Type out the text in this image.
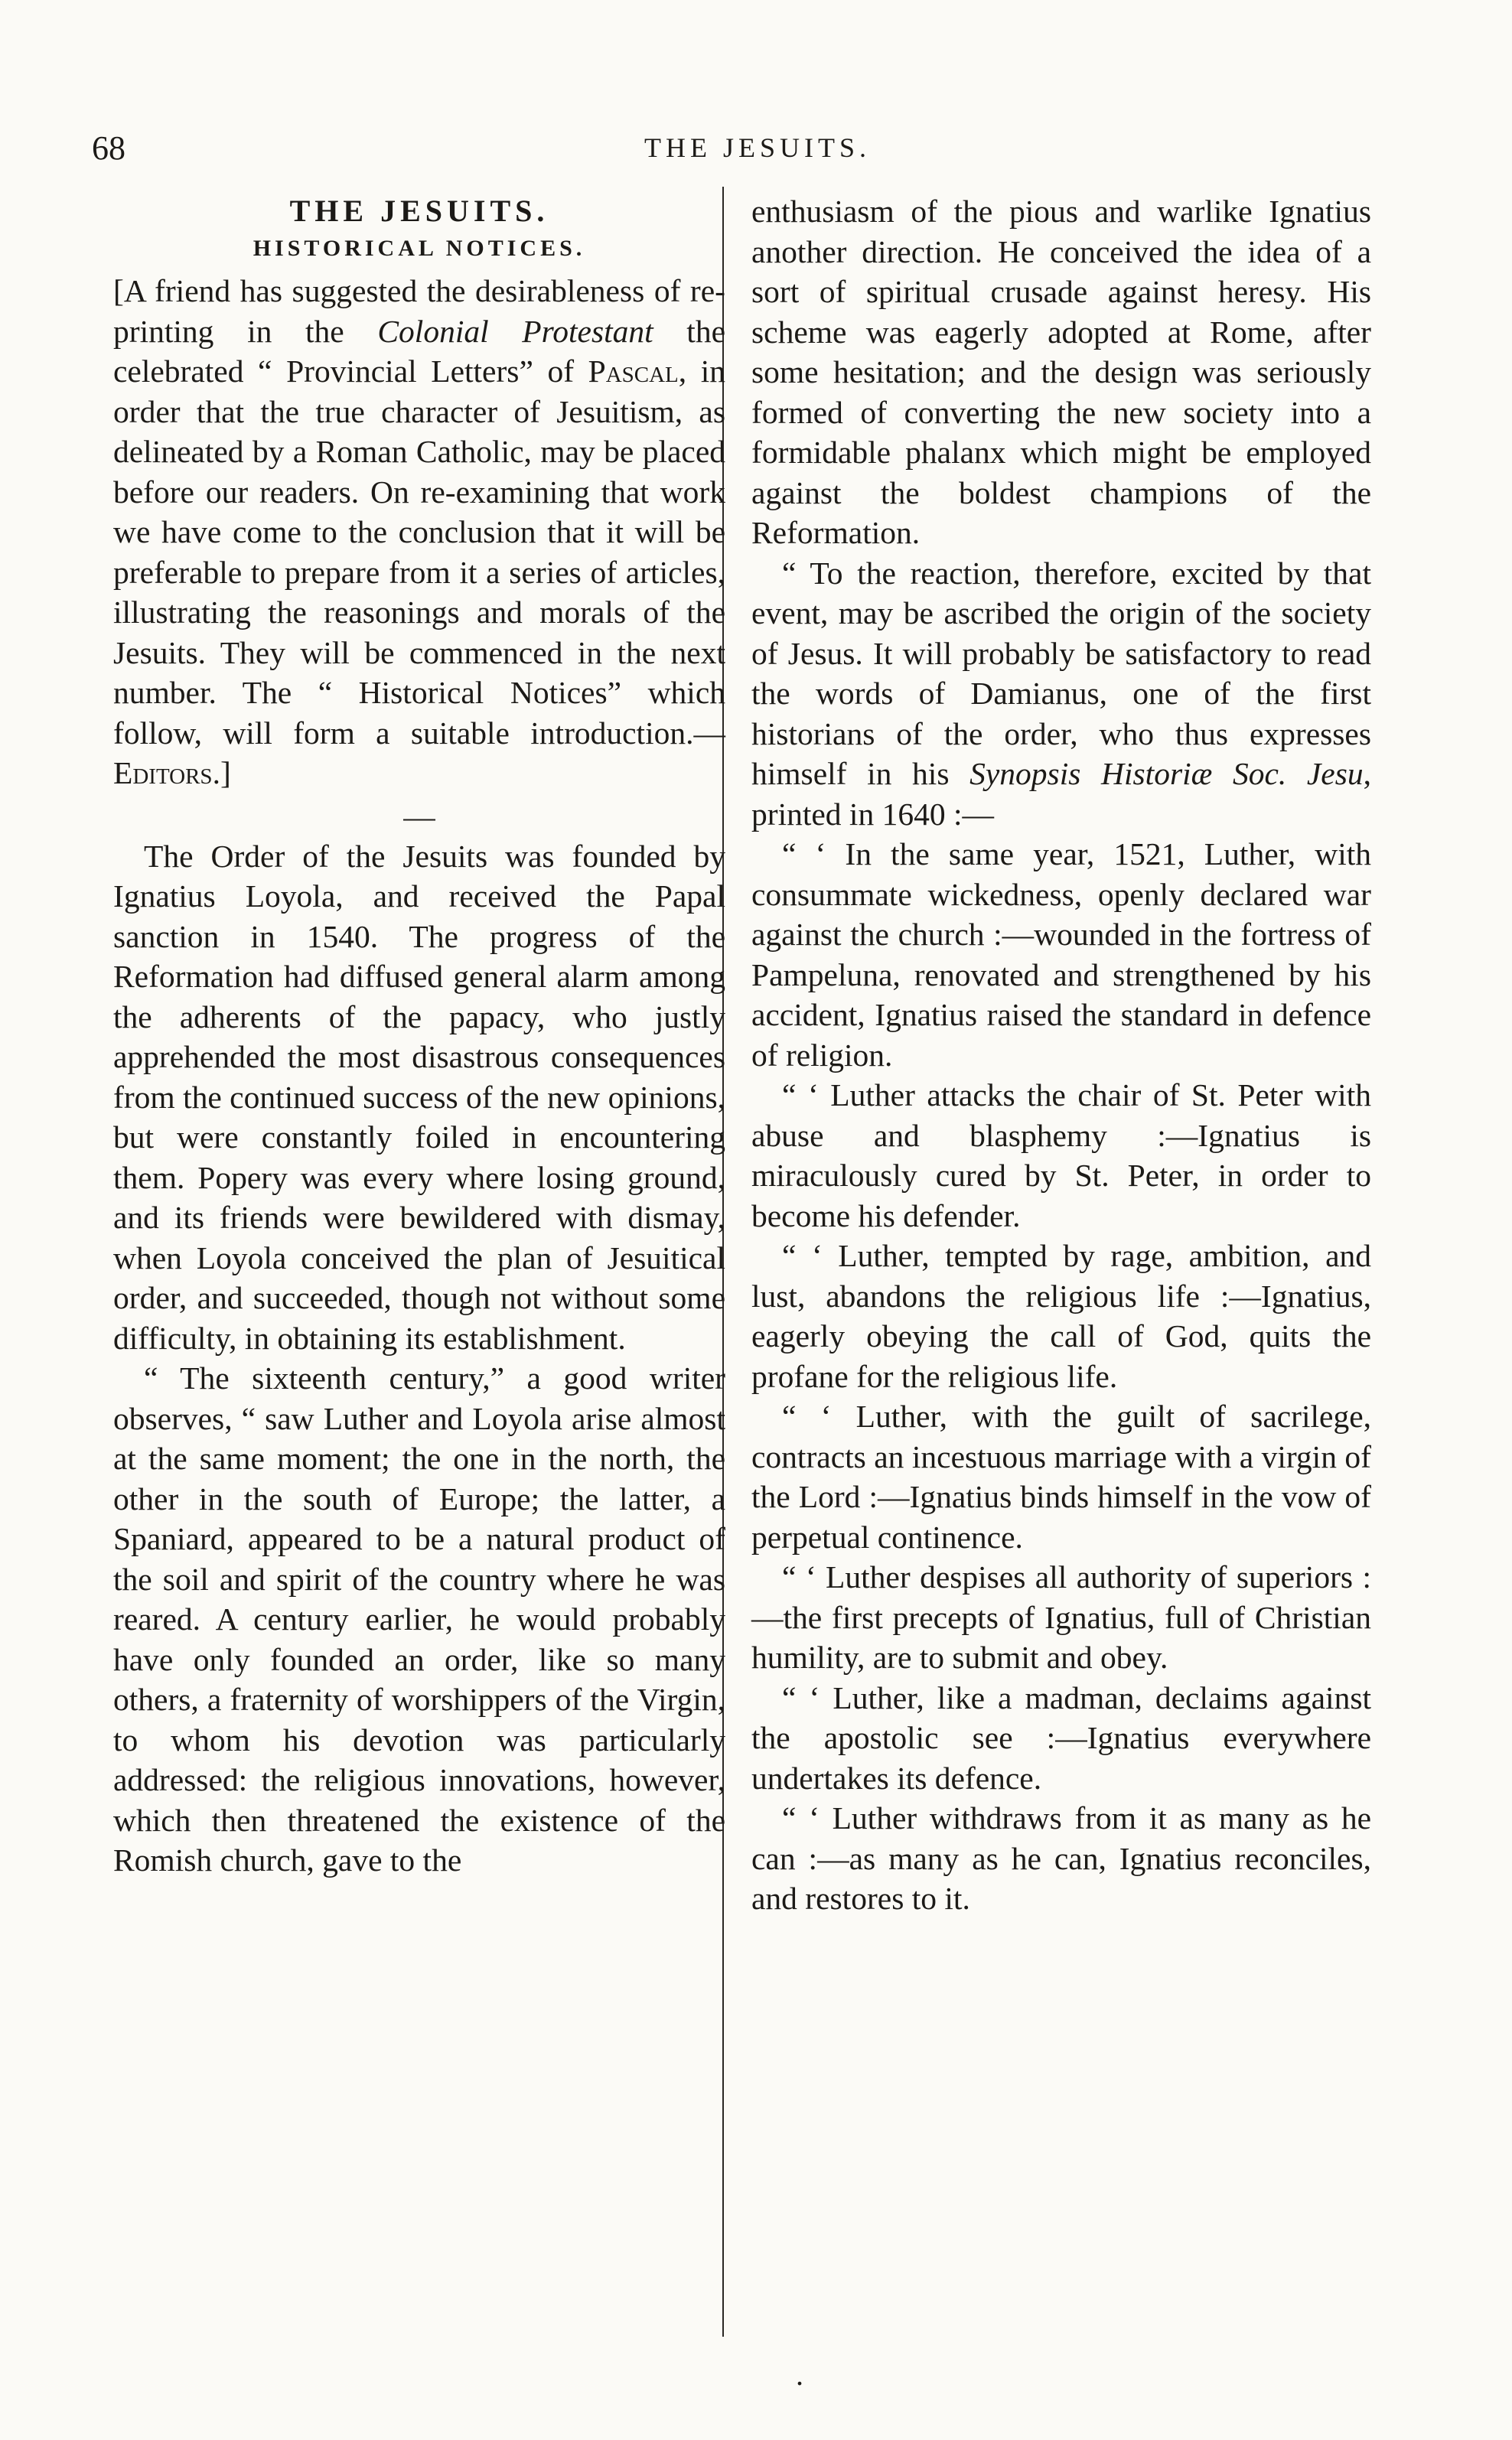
68	THE JESUITS.
THE JESUITS.
HISTORICAL NOTICES.

[A friend has suggested the desirableness of re-printing in the Colonial Protestant the celebrated “ Provincial Letters” of Pascal, in order that the true character of Jesuitism, as delineated by a Roman Catholic, may be placed before our readers. On re-examining that work we have come to the conclusion that it will be preferable to prepare from it a series of articles, illustrating the reasonings and morals of the Jesuits. They will be commenced in the next number. The “ Historical Notices” which follow, will form a suitable introduction.—Editors.]

—

The Order of the Jesuits was founded by Ignatius Loyola, and received the Papal sanction in 1540. The progress of the Reformation had diffused general alarm among the adherents of the papacy, who justly apprehended the most disastrous consequences from the continued success of the new opinions, but were constantly foiled in encountering them. Popery was every where losing ground, and its friends were bewildered with dismay, when Loyola conceived the plan of Jesuitical order, and succeeded, though not without some difficulty, in obtaining its establishment.

“ The sixteenth century,” a good writer observes, “ saw Luther and Loyola arise almost at the same moment; the one in the north, the other in the south of Europe; the latter, a Spaniard, appeared to be a natural product of the soil and spirit of the country where he was reared. A century earlier, he would probably have only founded an order, like so many others, a fraternity of worshippers of the Virgin, to whom his devotion was particularly addressed: the religious innovations, however, which then threatened the existence of the Romish church, gave to the

enthusiasm of the pious and warlike Ignatius another direction. He conceived the idea of a sort of spiritual crusade against heresy. His scheme was eagerly adopted at Rome, after some hesitation; and the design was seriously formed of converting the new society into a formidable phalanx which might be employed against the boldest champions of the Reformation.

“ To the reaction, therefore, excited by that event, may be ascribed the origin of the society of Jesus. It will probably be satisfactory to read the words of Damianus, one of the first historians of the order, who thus expresses himself in his Synopsis Historiæ Soc. Jesu, printed in 1640 :—

“ ‘ In the same year, 1521, Luther, with consummate wickedness, openly declared war against the church :—wounded in the fortress of Pampeluna, renovated and strengthened by his accident, Ignatius raised the standard in defence of religion.

“ ‘ Luther attacks the chair of St. Peter with abuse and blasphemy :—Ignatius is miraculously cured by St. Peter, in order to become his defender.

“ ‘ Luther, tempted by rage, ambition, and lust, abandons the religious life :—Ignatius, eagerly obeying the call of God, quits the profane for the religious life.

“ ‘ Luther, with the guilt of sacrilege, contracts an incestuous marriage with a virgin of the Lord :—Ignatius binds himself in the vow of perpetual continence.

“ ‘ Luther despises all authority of superiors :—the first precepts of Ignatius, full of Christian humility, are to submit and obey.

“ ‘ Luther, like a madman, declaims against the apostolic see :—Ignatius everywhere undertakes its defence.

“ ‘ Luther withdraws from it as many as he can :—as many as he can, Ignatius reconciles, and restores to it.

.
